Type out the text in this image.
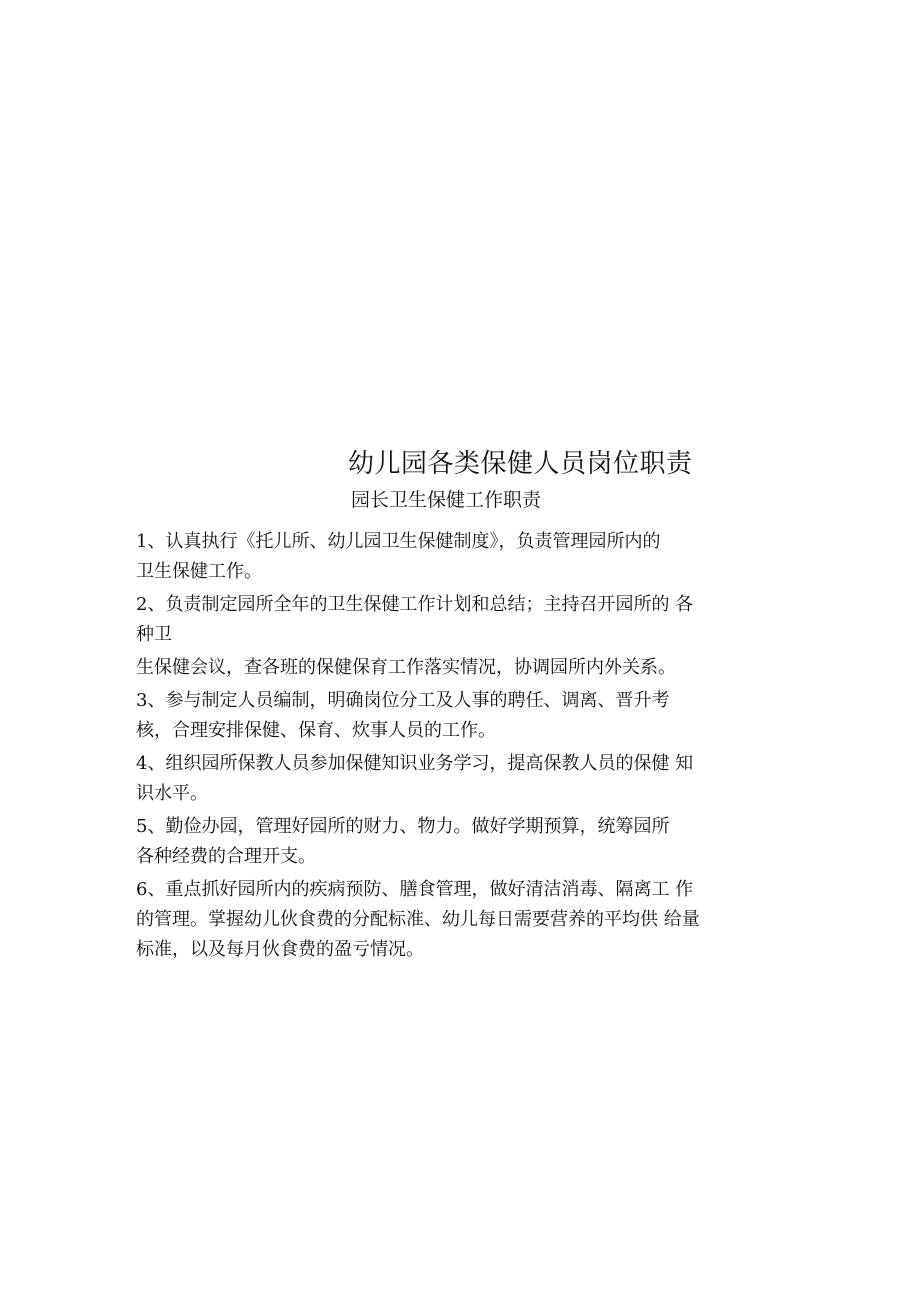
幼儿园各类保健人员岗位职责
园长卫生保健工作职责
1、认真执行《托儿所、幼儿园卫生保健制度》，负责管理园所内的
卫生保健工作。
2、负责制定园所全年的卫生保健工作计划和总结；主持召开园所的 各
种卫
生保健会议，查各班的保健保育工作落实情况，协调园所内外关系。
3、参与制定人员编制，明确岗位分工及人事的聘任、调离、晋升考
核，合理安排保健、保育、炊事人员的工作。
4、组织园所保教人员参加保健知识业务学习，提高保教人员的保健 知
识水平。
5、勤俭办园，管理好园所的财力、物力。做好学期预算，统筹园所
各种经费的合理开支。
6、重点抓好园所内的疾病预防、膳食管理，做好清洁消毒、隔离工 作
的管理。掌握幼儿伙食费的分配标准、幼儿每日需要营养的平均供 给量
标准，以及每月伙食费的盈亏情况。
